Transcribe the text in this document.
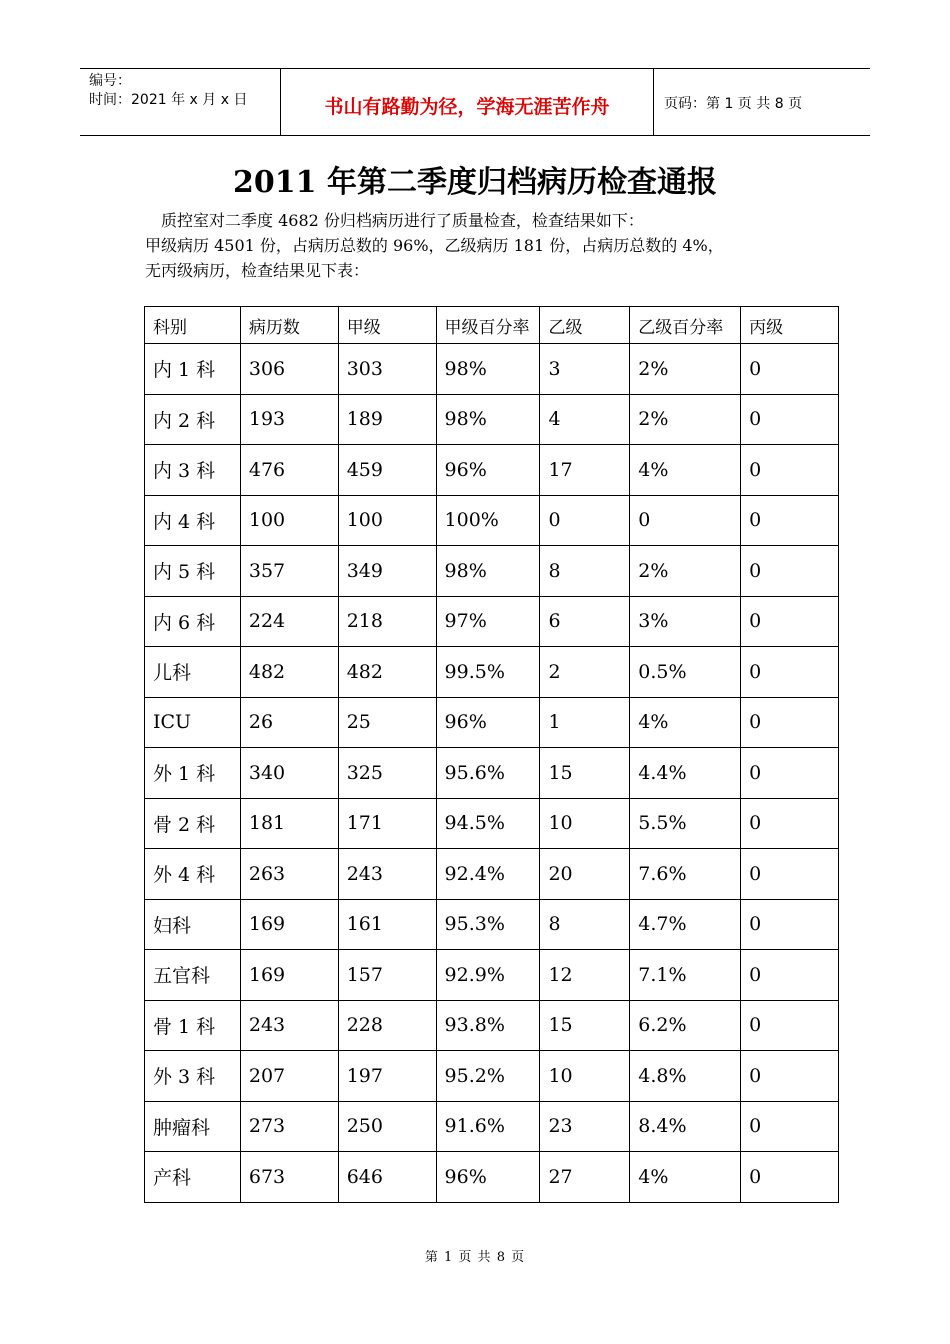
编号：
时间：2021 年 x 月 x 日	书山有路勤为径，学海无涯苦作舟	页码：第 1 页 共 8 页
2011 年第二季度归档病历检查通报
质控室对二季度 4682 份归档病历进行了质量检查，检查结果如下：
甲级病历 4501 份，占病历总数的 96%，乙级病历 181 份，占病历总数的 4%，
无丙级病历，检查结果见下表：
科别	病历数	甲级	甲级百分率	乙级	乙级百分率	丙级
内 1 科	306	303	98%	3	2%	0
内 2 科	193	189	98%	4	2%	0
内 3 科	476	459	96%	17	4%	0
内 4 科	100	100	100%	0	0	0
内 5 科	357	349	98%	8	2%	0
内 6 科	224	218	97%	6	3%	0
儿科	482	482	99.5%	2	0.5%	0
ICU	26	25	96%	1	4%	0
外 1 科	340	325	95.6%	15	4.4%	0
骨 2 科	181	171	94.5%	10	5.5%	0
外 4 科	263	243	92.4%	20	7.6%	0
妇科	169	161	95.3%	8	4.7%	0
五官科	169	157	92.9%	12	7.1%	0
骨 1 科	243	228	93.8%	15	6.2%	0
外 3 科	207	197	95.2%	10	4.8%	0
肿瘤科	273	250	91.6%	23	8.4%	0
产科	673	646	96%	27	4%	0
第 1 页 共 8 页
